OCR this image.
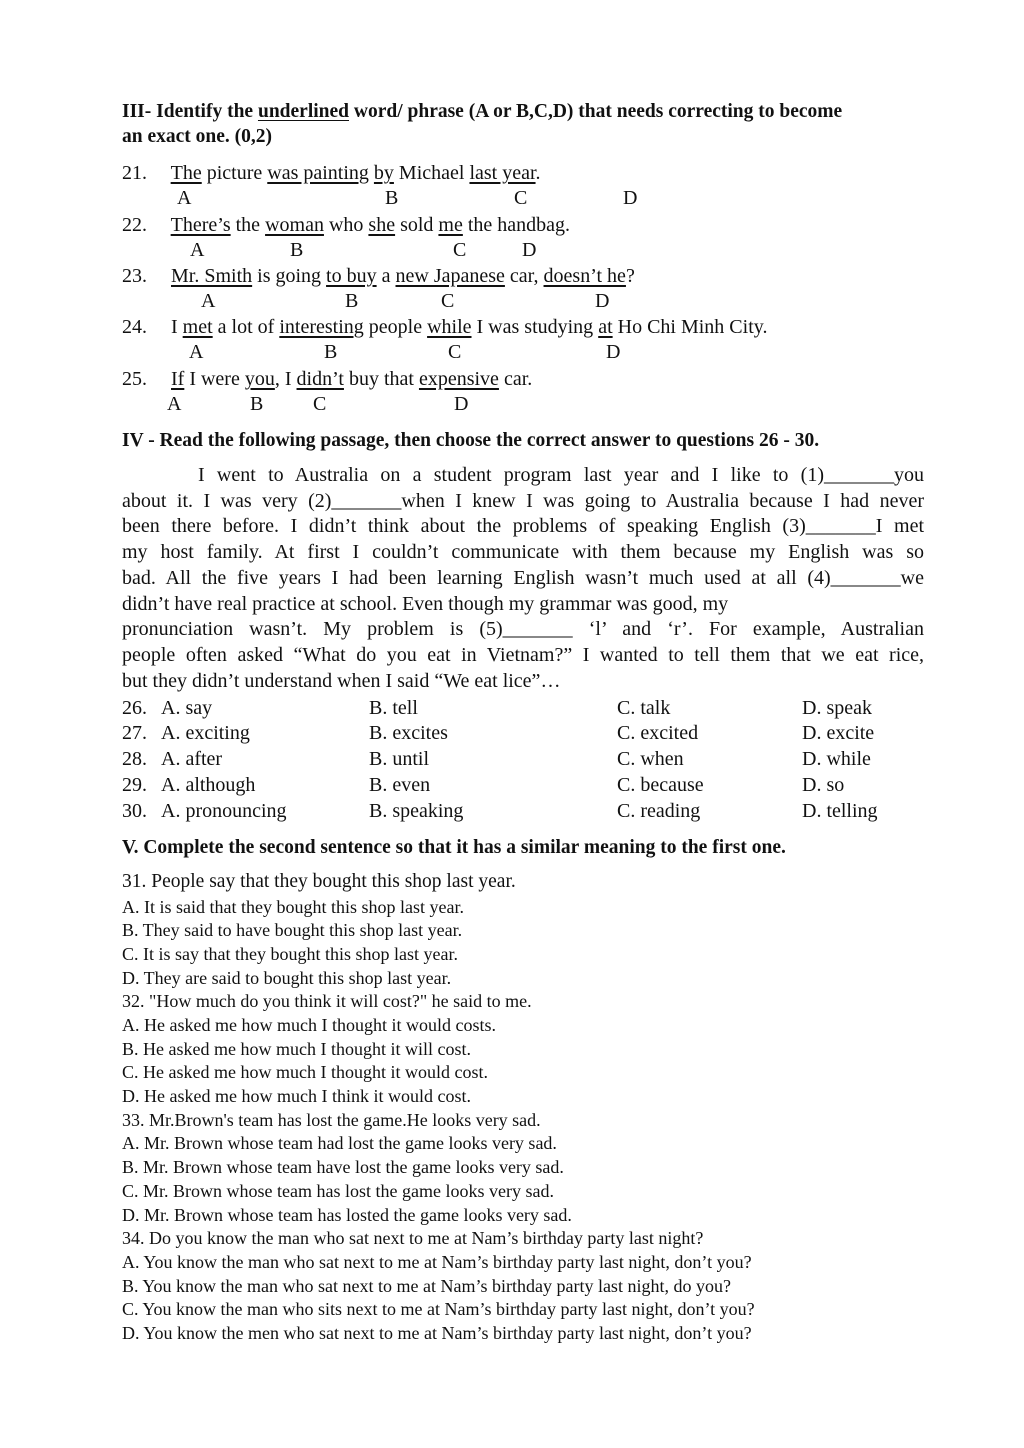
III- Identify the underlined word/ phrase (A or B,C,D) that needs correcting to become
an exact one. (0,2)
21. The picture was painting by Michael last year.
A	B	C	D
22. There’s the woman who she sold me the handbag.
A	B	C	D
23. Mr. Smith is going to buy a new Japanese car, doesn’t he?
A	B	C	D
24. I met a lot of interesting people while I was studying at Ho Chi Minh City.
A	B	C	D
25. If I were you, I didn’t buy that expensive car.
A	B C	D
IV - Read the following passage, then choose the correct answer to questions 26 - 30.
I went to Australia on a student program last year and I like to (1)_______you
about it. I was very (2)_______when I knew I was going to Australia because I had never
been there before. I didn’t think about the problems of speaking English (3)_______I met
my host family. At first I couldn’t communicate with them because my English was so
bad. All the five years I had been learning English wasn’t much used at all (4)_______we
didn’t have real practice at school. Even though my grammar was good, my
pronunciation wasn’t. My problem is (5)_______ ‘l’ and ‘r’. For example, Australian
people often asked “What do you eat in Vietnam?” I wanted to tell them that we eat rice,
but they didn’t understand when I said “We eat lice”…
26. A. say	B. tell	C. talk	D. speak
27. A. exciting	B. excites	C. excited	D. excite
28. A. after	B. until	C. when	D. while
29. A. although	B. even	C. because	D. so
30. A. pronouncing	B. speaking	C. reading	D. telling
V. Complete the second sentence so that it has a similar meaning to the first one.
31. People say that they bought this shop last year.
A. It is said that they bought this shop last year.
B. They said to have bought this shop last year.
C. It is say that they bought this shop last year.
D. They are said to bought this shop last year.
32. "How much do you think it will cost?" he said to me.
A. He asked me how much I thought it would costs.
B. He asked me how much I thought it will cost.
C. He asked me how much I thought it would cost.
D. He asked me how much I think it would cost.
33. Mr.Brown's team has lost the game.He looks very sad.
A. Mr. Brown whose team had lost the game looks very sad.
B. Mr. Brown whose team have lost the game looks very sad.
C. Mr. Brown whose team has lost the game looks very sad.
D. Mr. Brown whose team has losted the game looks very sad.
34. Do you know the man who sat next to me at Nam’s birthday party last night?
A. You know the man who sat next to me at Nam’s birthday party last night, don’t you?
B. You know the man who sat next to me at Nam’s birthday party last night, do you?
C. You know the man who sits next to me at Nam’s birthday party last night, don’t you?
D. You know the men who sat next to me at Nam’s birthday party last night, don’t you?
